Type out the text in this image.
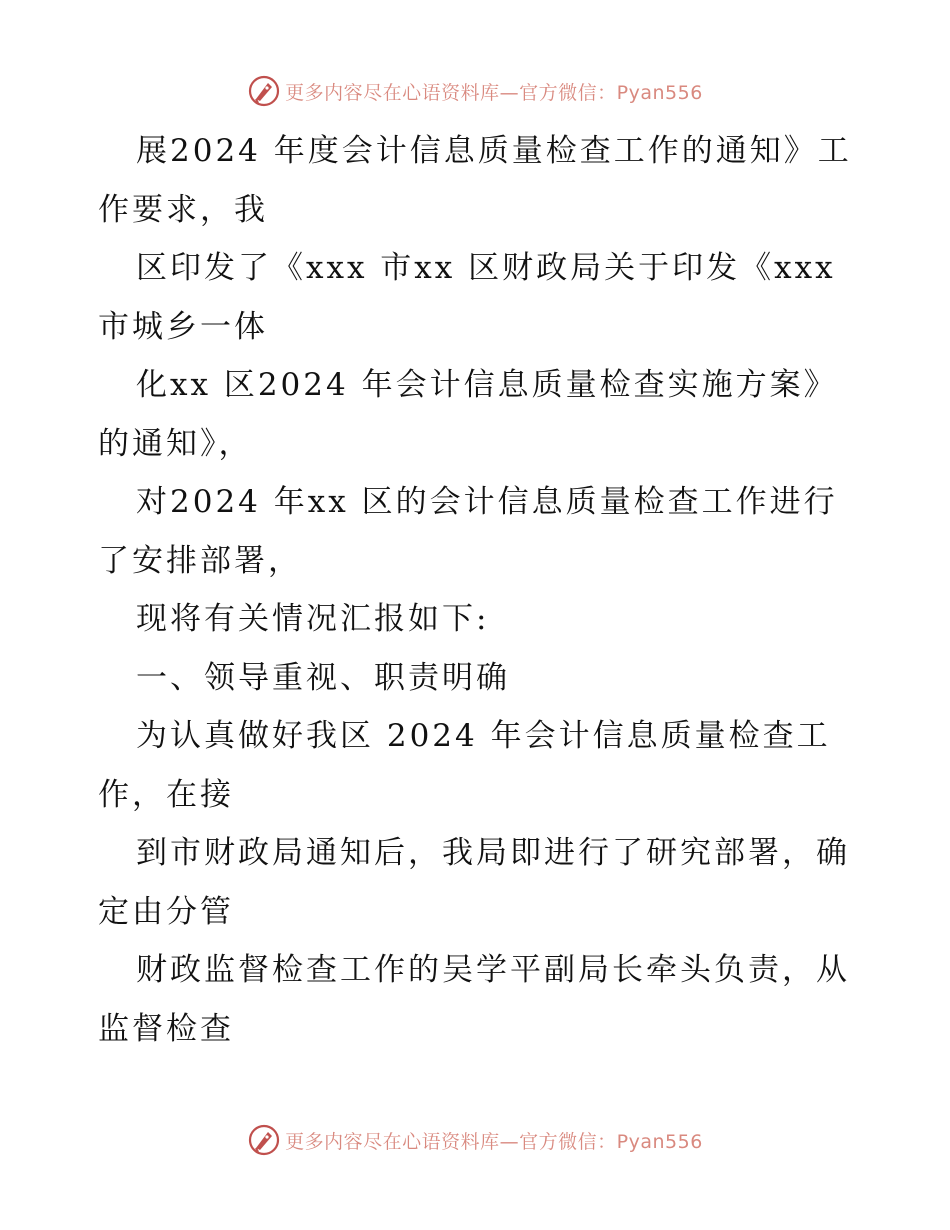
更多内容尽在心语资料库—官方微信：Pyan556
展2024 年度会计信息质量检查工作的通知》工
作要求，我
区印发了《xxx 市xx 区财政局关于印发《xxx
市城乡一体
化xx 区2024 年会计信息质量检查实施方案》
的通知》，
对2024 年xx 区的会计信息质量检查工作进行
了安排部署，
现将有关情况汇报如下:
一、领导重视、职责明确
为认真做好我区 2024 年会计信息质量检查工
作，在接
到市财政局通知后，我局即进行了研究部署，确
定由分管
财政监督检查工作的吴学平副局长牵头负责，从
监督检查
更多内容尽在心语资料库—官方微信：Pyan556
